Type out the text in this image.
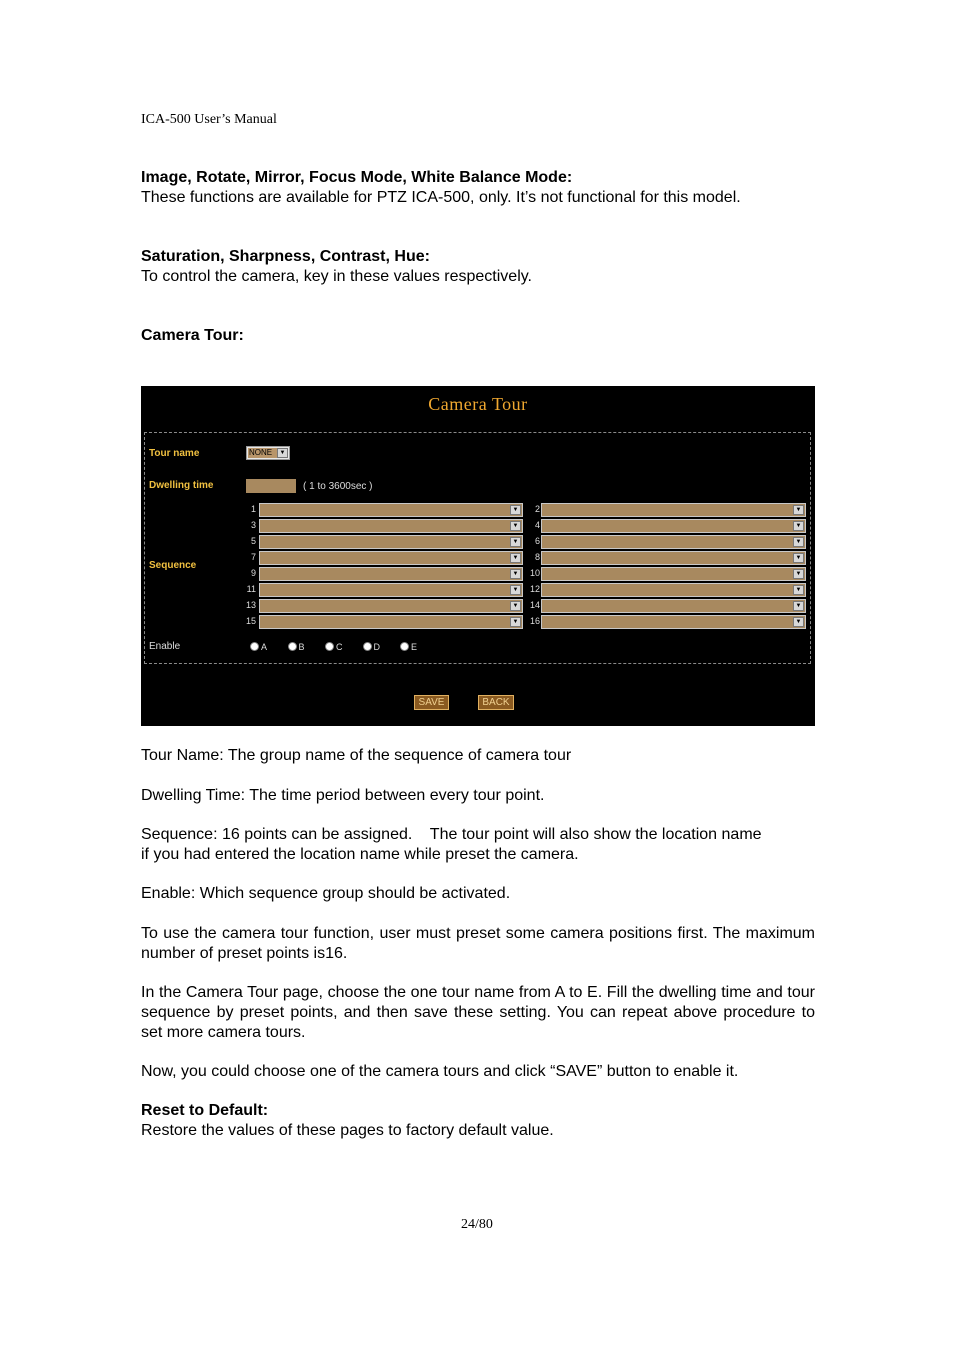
ICA-500 User’s Manual
Image, Rotate, Mirror, Focus Mode, White Balance Mode:
These functions are available for PTZ ICA-500, only. It’s not functional for this model.
Saturation, Sharpness, Contrast, Hue:
To control the camera, key in these values respectively.
Camera Tour:
Camera Tour
Tour name	NONE	▼
Dwelling time	( 1 to 3600sec )
Sequence
1	▼	2	▼
3	▼	4	▼
5	▼	6	▼
7	▼	8	▼
9	▼	10	▼
11	▼	12	▼
13	▼	14	▼
15	▼	16	▼
Enable	A	B	C	D	E
SAVE	BACK
Tour Name: The group name of the sequence of camera tour
Dwelling Time: The time period between every tour point.
Sequence: 16 points can be assigned.    The tour point will also show the location name
if you had entered the location name while preset the camera.
Enable: Which sequence group should be activated.
To use the camera tour function, user must preset some camera positions first. The maximum number of preset points is16.
In the Camera Tour page, choose the one tour name from A to E. Fill the dwelling time and tour sequence by preset points, and then save these setting. You can repeat above procedure to set more camera tours.
Now, you could choose one of the camera tours and click “SAVE” button to enable it.
Reset to Default:
Restore the values of these pages to factory default value.
24/80
